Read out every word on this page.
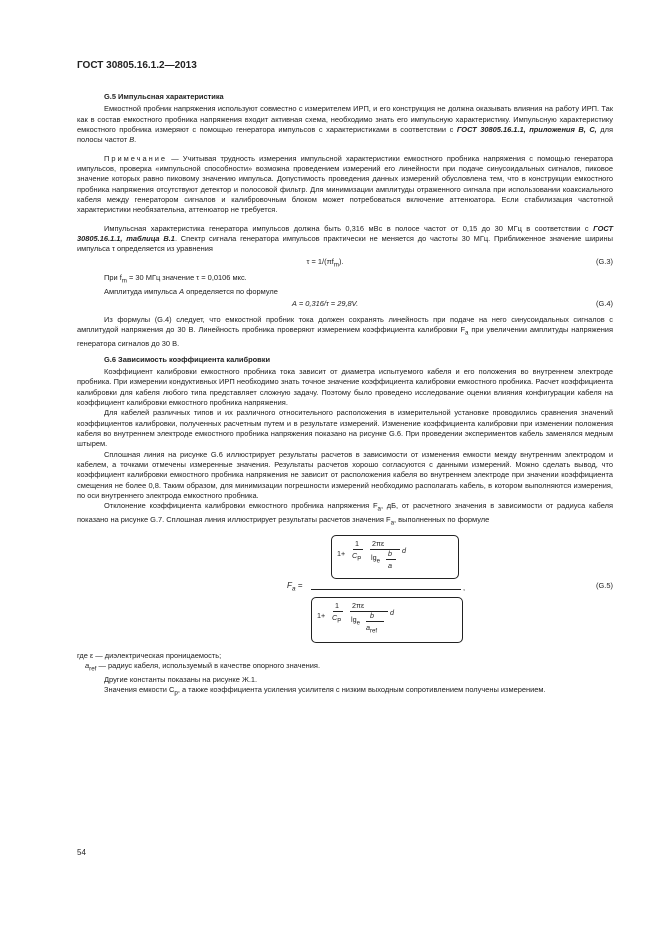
ГОСТ 30805.16.1.2—2013
G.5 Импульсная характеристика

Емкостной пробник напряжения используют совместно с измерителем ИРП, и его конструкция не должна оказывать влияния на работу ИРП. Так как в состав емкостного пробника напряжения входит активная схема, необходимо знать его импульсную характеристику. Импульсную характеристику емкостного пробника измеряют с помощью генератора импульсов с характеристиками в соответствии с ГОСТ 30805.16.1.1, приложения В, С, для полосы частот В.

Примечание — Учитывая трудность измерения импульсной характеристики емкостного пробника напряжения с помощью генератора импульсов, проверка «импульсной способности» возможна проведением измерений его линейности при подаче синусоидальных сигналов, пиковое значение которых равно пиковому значению импульса. Допустимость проведения данных измерений обусловлена тем, что в конструкции емкостного пробника напряжения отсутствуют детектор и полосовой фильтр. Для минимизации амплитуды отраженного сигнала при использовании коаксиального кабеля между генератором сигналов и калибровочным блоком может потребоваться включение аттенюатора. Если стабилизация частотной характеристики необязательна, аттенюатор не требуется.

Импульсная характеристика генератора импульсов должна быть 0,316 мВс в полосе частот от 0,15 до 30 МГц в соответствии с ГОСТ 30805.16.1.1, таблица В.1. Спектр сигнала генератора импульсов практически не меняется до частоты 30 МГц. Приближенное значение ширины импульса τ определяется из уравнения

$\tau = 1/(\pi f_m)$.	(G.3)

При $f_m = 30$ МГц значение τ = 0,0106 мкс.

Амплитуда импульса А определяется по формуле

А = 0,316/τ = 29,8V.	(G.4)

Из формулы (G.4) следует, что емкостной пробник тока должен сохранять линейность при подаче на него синусоидальных сигналов с амплитудой напряжения до 30 В. Линейность пробника проверяют измерением коэффициента калибровки $F_a$ при увеличении амплитуды напряжения генератора сигналов до 30 В.

G.6 Зависимость коэффициента калибровки

Коэффициент калибровки емкостного пробника тока зависит от диаметра испытуемого кабеля и его положения во внутреннем электроде пробника. При измерении кондуктивных ИРП необходимо знать точное значение коэффициента калибровки емкостного пробника. Расчет коэффициента калибровки для кабеля любого типа представляет сложную задачу. Поэтому было проведено исследование оценки влияния конфигурации кабеля на коэффициент калибровки емкостного пробника напряжения.

Для кабелей различных типов и их различного относительного расположения в измерительной установке проводились сравнения значений коэффициентов калибровки, полученных расчетным путем и в результате измерений. Изменение коэффициента калибровки при изменении положения кабеля во внутреннем электроде емкостного пробника напряжения показано на рисунке G.6. При проведении экспериментов кабель заменялся медным штырем.

Сплошная линия на рисунке G.6 иллюстрирует результаты расчетов в зависимости от изменения емкости между внутренним электродом и кабелем, а точками отмечены измеренные значения. Результаты расчетов хорошо согласуются с данными измерений. Можно сделать вывод, что коэффициент калибровки емкостного пробника напряжения не зависит от расположения кабеля во внутреннем электроде при значении коэффициента смещения не более 0,8. Таким образом, для минимизации погрешности измерений необходимо располагать кабель, в котором выполняются измерения, по оси внутреннего электрода емкостного пробника.

Отклонение коэффициента калибровки емкостного пробника напряжения $F_a$, дБ, от расчетного значения в зависимости от радиуса кабеля показано на рисунке G.7. Сплошная линия иллюстрирует результаты расчетов значения $F_a$, выполненных по формуле

$F_a$ =
1+
1
$C_P$
2πε
$\lg_e$
b
a
d
1+
1
$C_P$
2πε
$\lg_e$
b
$a_{ref}$
d
,	(G.5)

где ε — диэлектрическая проницаемость;

$a_{ref}$ — радиус кабеля, используемый в качестве опорного значения.

Другие константы показаны на рисунке Ж.1.

Значения емкости $C_p$, а также коэффициента усиления усилителя с низким выходным сопротивлением получены измерением.

54
